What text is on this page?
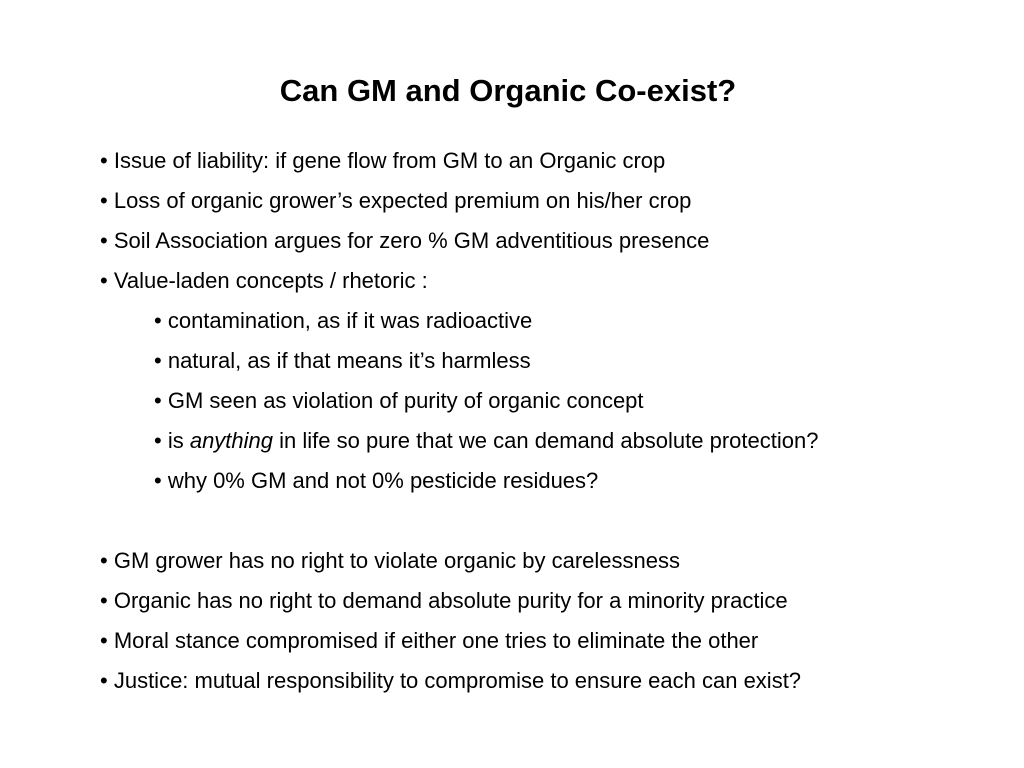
Can GM and Organic Co-exist?
• Issue of liability: if gene flow from GM to an Organic crop
• Loss of organic grower’s expected premium on his/her crop
• Soil Association argues for zero % GM adventitious presence
• Value-laden concepts / rhetoric :
• contamination, as if it was radioactive
• natural, as if that means it’s harmless
• GM seen as violation of purity of organic concept
• is anything in life so pure that we can demand absolute protection?
• why 0% GM and not 0% pesticide residues?
• GM grower has no right to violate organic by carelessness
• Organic has no right to demand absolute purity for a minority practice
• Moral stance compromised if either one tries to eliminate the other
• Justice: mutual responsibility to compromise to ensure each can exist?
